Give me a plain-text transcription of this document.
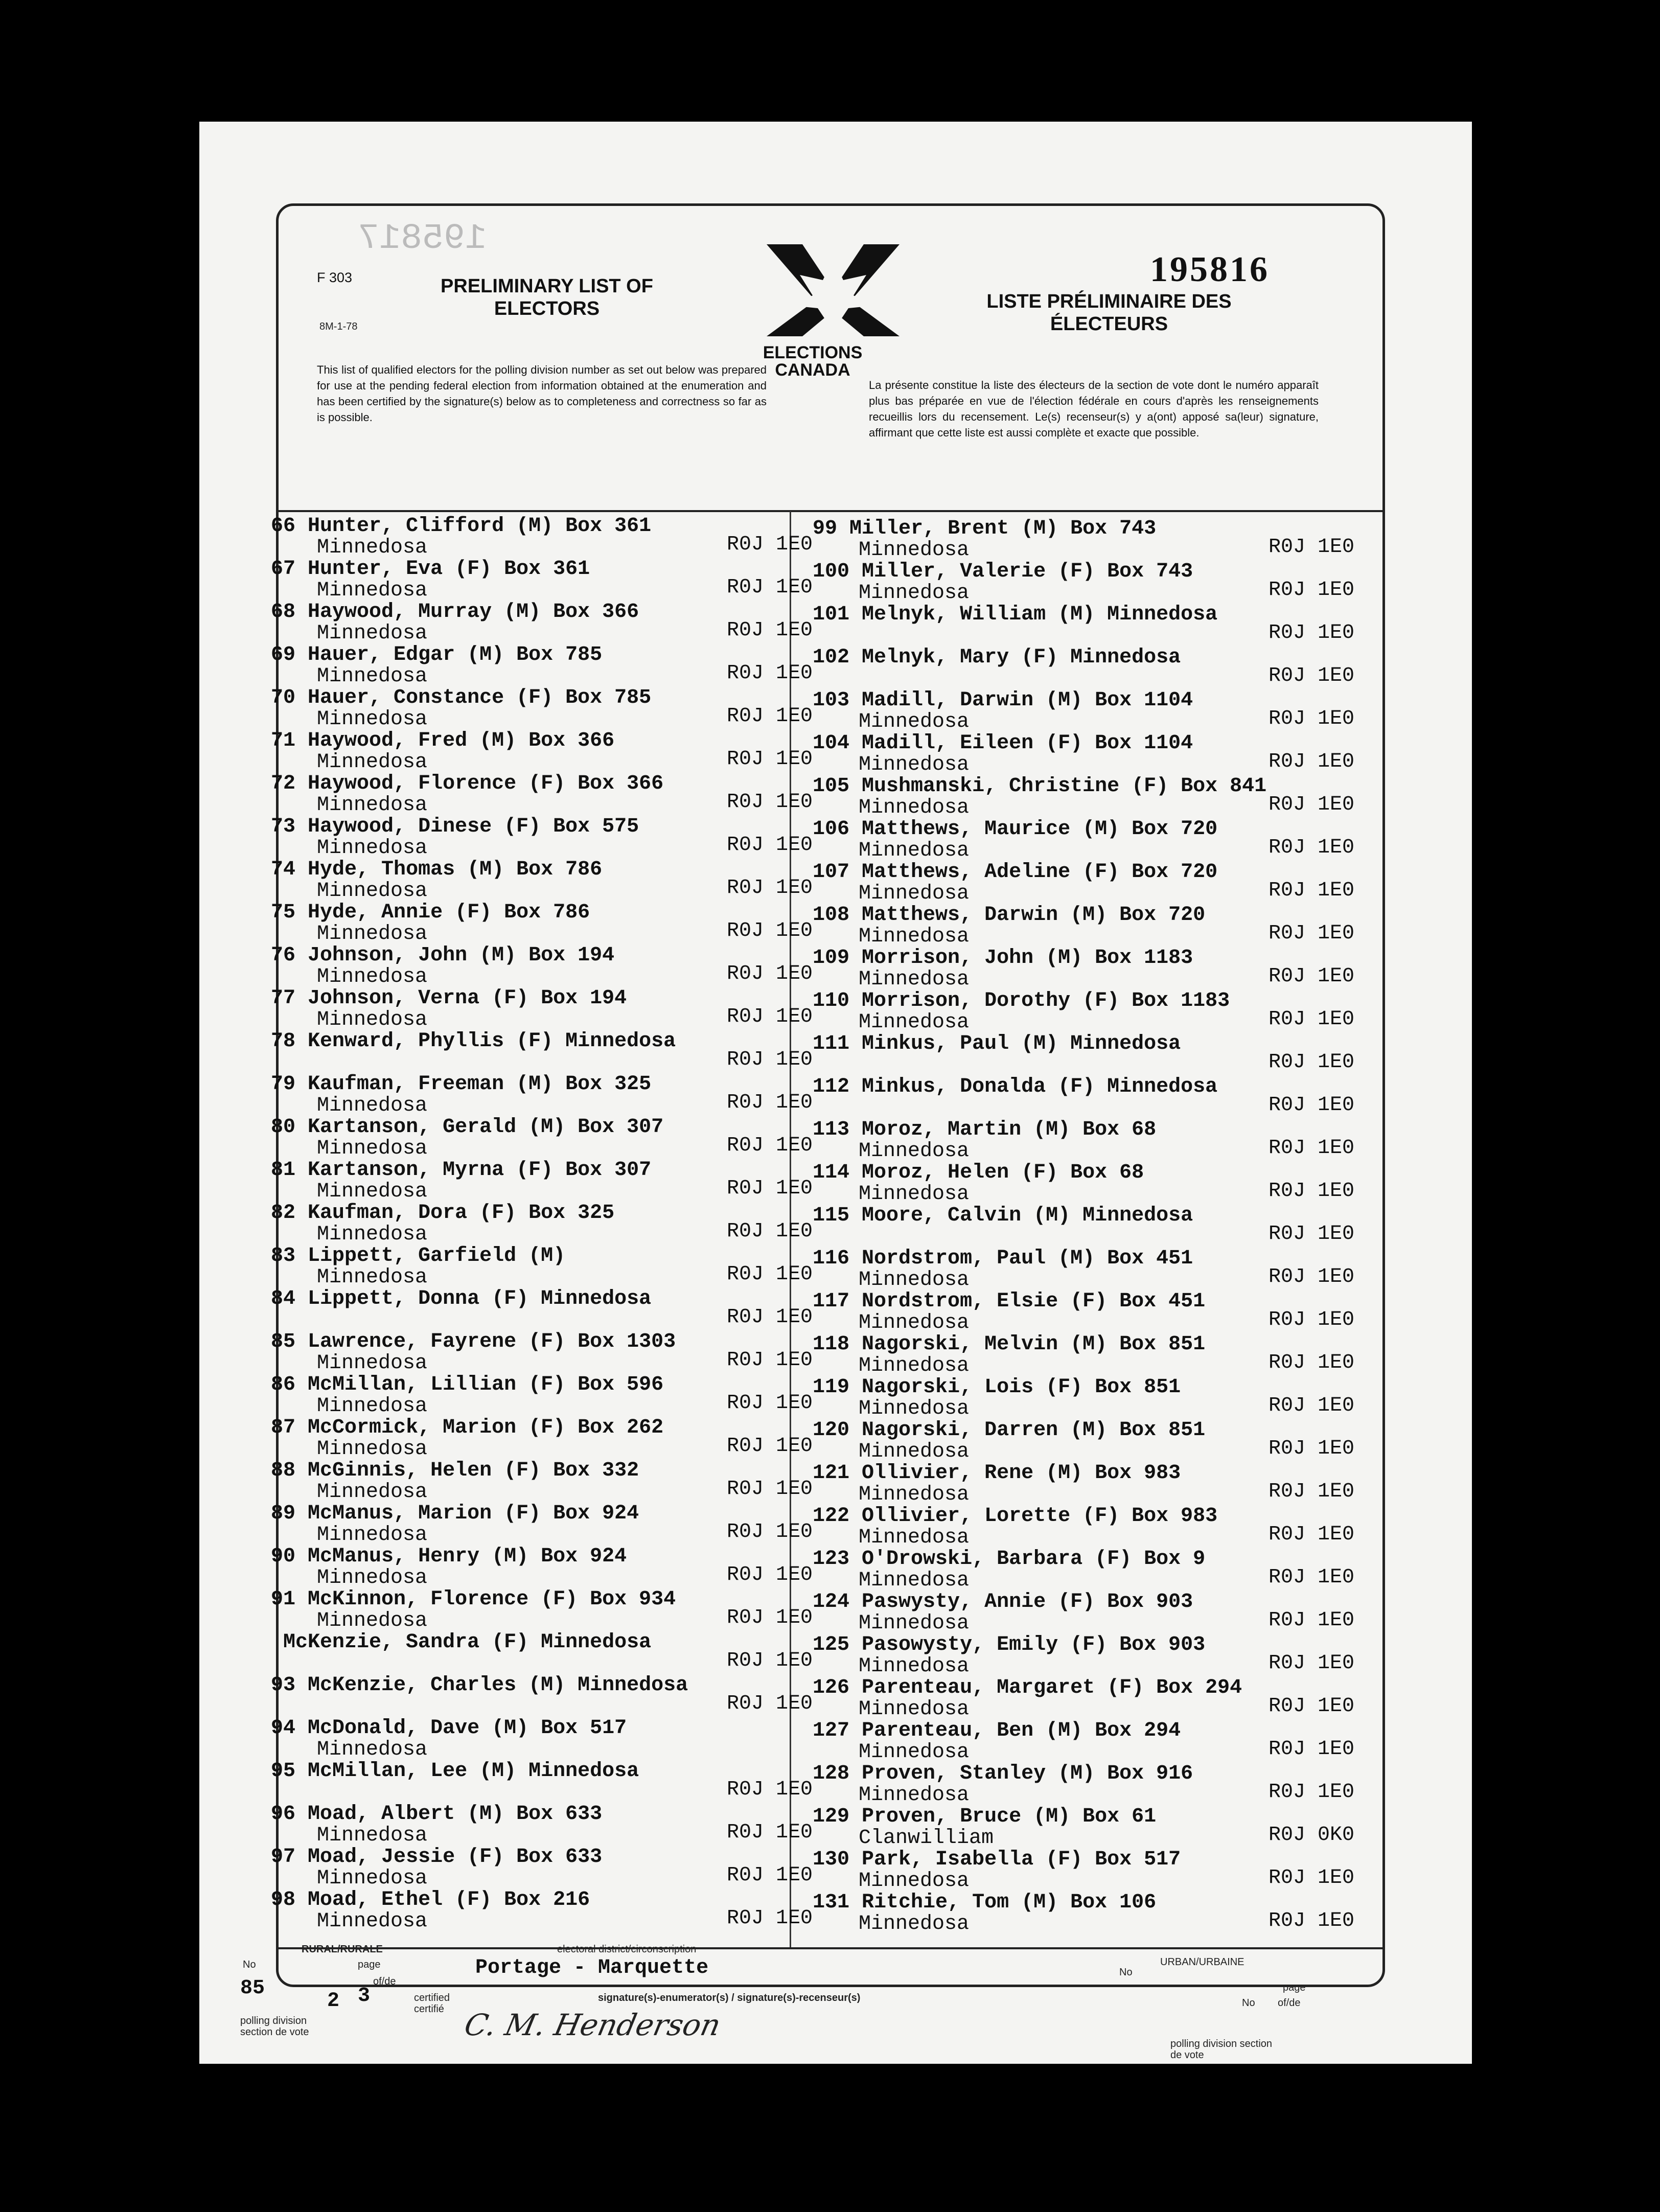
F 303
8M-1-78
195817
PRELIMINARY LIST OF ELECTORS
ELECTIONS CANADA
195816
LISTE PRÉLIMINAIRE DES ÉLECTEURS
This list of qualified electors for the polling division number as set out below was prepared for use at the pending federal election from information obtained at the enumeration and has been certified by the signature(s) below as to completeness and correctness so far as is possible.
La présente constitue la liste des électeurs de la section de vote dont le numéro apparaît plus bas préparée en vue de l'élection fédérale en cours d'après les renseignements recueillis lors du recensement. Le(s) recenseur(s) y a(ont) apposé sa(leur) signature, affirmant que cette liste est aussi complète et exacte que possible.
66 Hunter, Clifford (M) Box 361
Minnedosa	R0J 1E0
67 Hunter, Eva (F) Box 361
Minnedosa	R0J 1E0
68 Haywood, Murray (M) Box 366
Minnedosa	R0J 1E0
69 Hauer, Edgar (M) Box 785
Minnedosa	R0J 1E0
70 Hauer, Constance (F) Box 785
Minnedosa	R0J 1E0
71 Haywood, Fred (M) Box 366
Minnedosa	R0J 1E0
72 Haywood, Florence (F) Box 366
Minnedosa	R0J 1E0
73 Haywood, Dinese (F) Box 575
Minnedosa	R0J 1E0
74 Hyde, Thomas (M) Box 786
Minnedosa	R0J 1E0
75 Hyde, Annie (F) Box 786
Minnedosa	R0J 1E0
76 Johnson, John (M) Box 194
Minnedosa	R0J 1E0
77 Johnson, Verna (F) Box 194
Minnedosa	R0J 1E0
78 Kenward, Phyllis (F) Minnedosa
R0J 1E0
79 Kaufman, Freeman (M) Box 325
Minnedosa	R0J 1E0
80 Kartanson, Gerald (M) Box 307
Minnedosa	R0J 1E0
81 Kartanson, Myrna (F) Box 307
Minnedosa	R0J 1E0
82 Kaufman, Dora (F) Box 325
Minnedosa	R0J 1E0
83 Lippett, Garfield (M)
Minnedosa	R0J 1E0
84 Lippett, Donna (F) Minnedosa
R0J 1E0
85 Lawrence, Fayrene (F) Box 1303
Minnedosa	R0J 1E0
86 McMillan, Lillian (F) Box 596
Minnedosa	R0J 1E0
87 McCormick, Marion (F) Box 262
Minnedosa	R0J 1E0
88 McGinnis, Helen (F) Box 332
Minnedosa	R0J 1E0
89 McManus, Marion (F) Box 924
Minnedosa	R0J 1E0
90 McManus, Henry (M) Box 924
Minnedosa	R0J 1E0
91 McKinnon, Florence (F) Box 934
Minnedosa	R0J 1E0
McKenzie, Sandra (F) Minnedosa
R0J 1E0
93 McKenzie, Charles (M) Minnedosa
R0J 1E0
94 McDonald, Dave (M) Box 517
Minnedosa
95 McMillan, Lee (M) Minnedosa
R0J 1E0
96 Moad, Albert (M) Box 633
Minnedosa	R0J 1E0
97 Moad, Jessie (F) Box 633
Minnedosa	R0J 1E0
98 Moad, Ethel (F) Box 216
Minnedosa	R0J 1E0
99 Miller, Brent (M) Box 743
Minnedosa	R0J 1E0
100 Miller, Valerie (F) Box 743
Minnedosa	R0J 1E0
101 Melnyk, William (M) Minnedosa
R0J 1E0
102 Melnyk, Mary (F) Minnedosa
R0J 1E0
103 Madill, Darwin (M) Box 1104
Minnedosa	R0J 1E0
104 Madill, Eileen (F) Box 1104
Minnedosa	R0J 1E0
105 Mushmanski, Christine (F) Box 841
Minnedosa	R0J 1E0
106 Matthews, Maurice (M) Box 720
Minnedosa	R0J 1E0
107 Matthews, Adeline (F) Box 720
Minnedosa	R0J 1E0
108 Matthews, Darwin (M) Box 720
Minnedosa	R0J 1E0
109 Morrison, John (M) Box 1183
Minnedosa	R0J 1E0
110 Morrison, Dorothy (F) Box 1183
Minnedosa	R0J 1E0
111 Minkus, Paul (M) Minnedosa
R0J 1E0
112 Minkus, Donalda (F) Minnedosa
R0J 1E0
113 Moroz, Martin (M) Box 68
Minnedosa	R0J 1E0
114 Moroz, Helen (F) Box 68
Minnedosa	R0J 1E0
115 Moore, Calvin (M) Minnedosa
R0J 1E0
116 Nordstrom, Paul (M) Box 451
Minnedosa	R0J 1E0
117 Nordstrom, Elsie (F) Box 451
Minnedosa	R0J 1E0
118 Nagorski, Melvin (M) Box 851
Minnedosa	R0J 1E0
119 Nagorski, Lois (F) Box 851
Minnedosa	R0J 1E0
120 Nagorski, Darren (M) Box 851
Minnedosa	R0J 1E0
121 Ollivier, Rene (M) Box 983
Minnedosa	R0J 1E0
122 Ollivier, Lorette (F) Box 983
Minnedosa	R0J 1E0
123 O'Drowski, Barbara (F) Box 9
Minnedosa	R0J 1E0
124 Paswysty, Annie (F) Box 903
Minnedosa	R0J 1E0
125 Pasowysty, Emily (F) Box 903
Minnedosa	R0J 1E0
126 Parenteau, Margaret (F) Box 294
Minnedosa	R0J 1E0
127 Parenteau, Ben (M) Box 294
Minnedosa	R0J 1E0
128 Proven, Stanley (M) Box 916
Minnedosa	R0J 1E0
129 Proven, Bruce (M) Box 61
Clanwilliam	R0J 0K0
130 Park, Isabella (F) Box 517
Minnedosa	R0J 1E0
131 Ritchie, Tom (M) Box 106
Minnedosa	R0J 1E0
RURAL/RURALE	electoral district/circonscription
URBAN/URBAINE
No	page
of/de
85
2 3
polling division section de vote
certified certifié
Portage - Marquette
signature(s)-enumerator(s) / signature(s)-recenseur(s)
C. M. Henderson
No
page
No of/de
polling division section de vote
